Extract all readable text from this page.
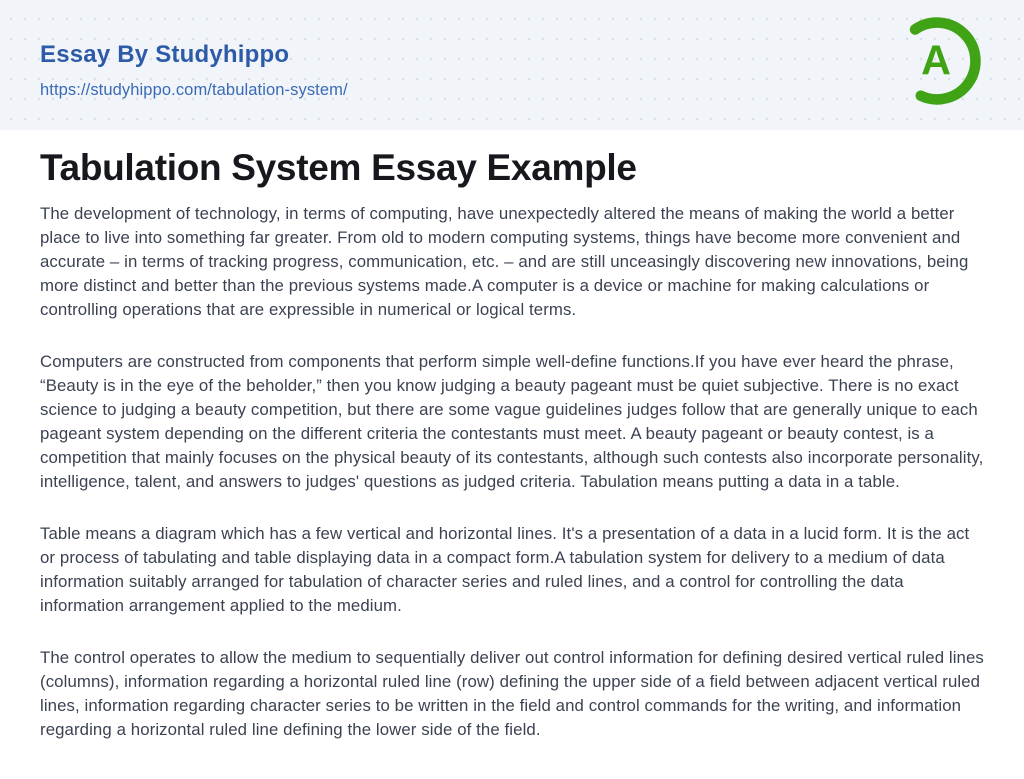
Essay By Studyhippo
https://studyhippo.com/tabulation-system/
A
Tabulation System Essay Example

The development of technology, in terms of computing, have unexpectedly altered the means of making the world a better place to live into something far greater. From old to modern computing systems, things have become more convenient and accurate – in terms of tracking progress, communication, etc. – and are still unceasingly discovering new innovations, being more distinct and better than the previous systems made.A computer is a device or machine for making calculations or controlling operations that are expressible in numerical or logical terms.

Computers are constructed from components that perform simple well-define functions.If you have ever heard the phrase, “Beauty is in the eye of the beholder,” then you know judging a beauty pageant must be quiet subjective. There is no exact science to judging a beauty competition, but there are some vague guidelines judges follow that are generally unique to each pageant system depending on the different criteria the contestants must meet. A beauty pageant or beauty contest, is a competition that mainly focuses on the physical beauty of its contestants, although such contests also incorporate personality, intelligence, talent, and answers to judges' questions as judged criteria. Tabulation means putting a data in a table.

Table means a diagram which has a few vertical and horizontal lines. It's a presentation of a data in a lucid form. It is the act or process of tabulating and table displaying data in a compact form.A tabulation system for delivery to a medium of data information suitably arranged for tabulation of character series and ruled lines, and a control for controlling the data information arrangement applied to the medium.

The control operates to allow the medium to sequentially deliver out control information for defining desired vertical ruled lines (columns), information regarding a horizontal ruled line (row) defining the upper side of a field between adjacent vertical ruled lines, information regarding character series to be written in the field and control commands for the writing, and information regarding a horizontal ruled line defining the lower side of the field.
